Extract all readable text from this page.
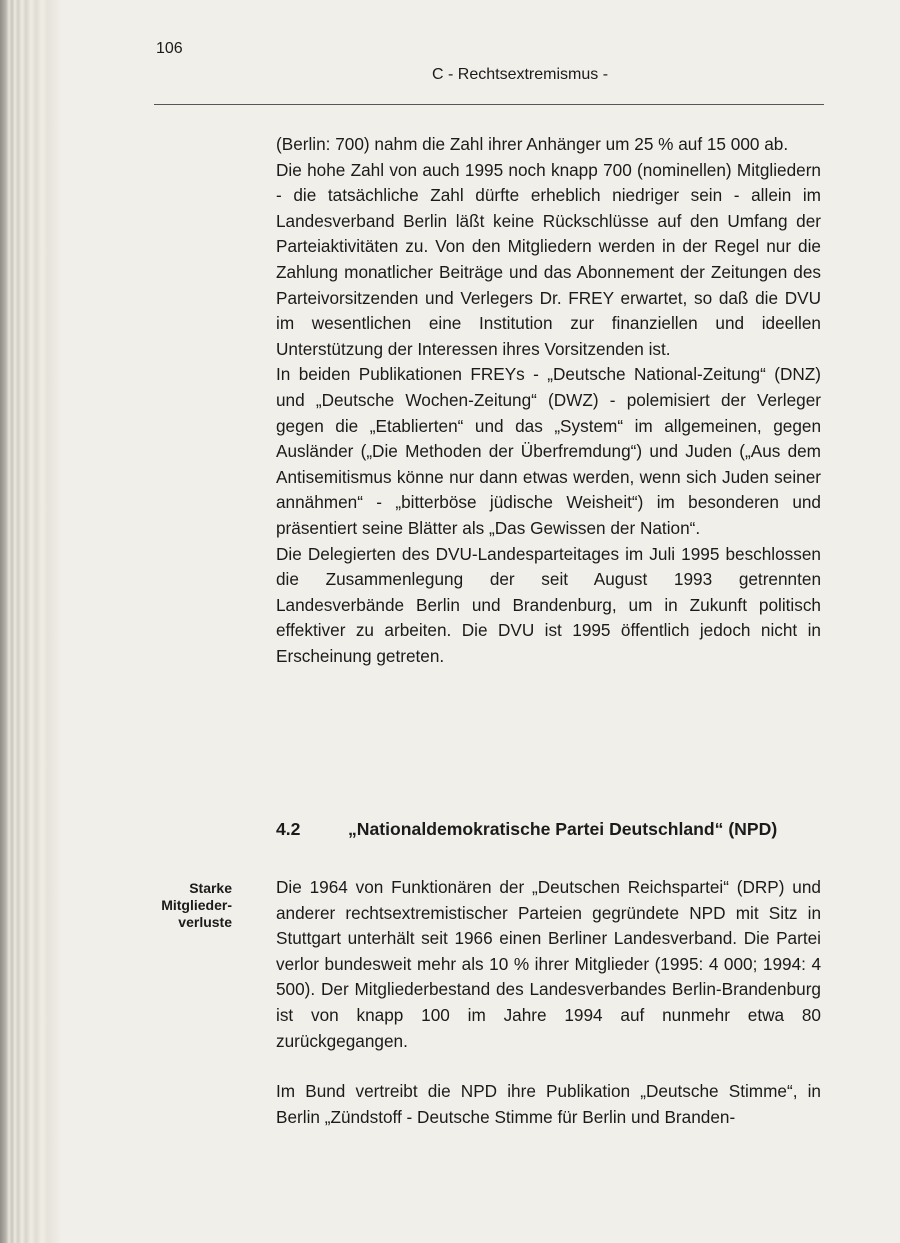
106
C - Rechtsextremismus -

(Berlin: 700) nahm die Zahl ihrer Anhänger um 25 % auf 15 000 ab.

Die hohe Zahl von auch 1995 noch knapp 700 (nominellen) Mitgliedern - die tatsächliche Zahl dürfte erheblich niedriger sein - allein im Landesverband Berlin läßt keine Rückschlüsse auf den Umfang der Parteiaktivitäten zu. Von den Mitgliedern werden in der Regel nur die Zahlung monatlicher Beiträge und das Abonnement der Zeitungen des Parteivorsitzenden und Verlegers Dr. FREY erwartet, so daß die DVU im wesentlichen eine Institution zur finanziellen und ideellen Unterstützung der Interessen ihres Vorsitzenden ist.

In beiden Publikationen FREYs - „Deutsche National-Zeitung“ (DNZ) und „Deutsche Wochen-Zeitung“ (DWZ) - polemisiert der Verleger gegen die „Etablierten“ und das „System“ im allgemeinen, gegen Ausländer („Die Methoden der Überfremdung“) und Juden („Aus dem Antisemitismus könne nur dann etwas werden, wenn sich Juden seiner annähmen“ - „bitterböse jüdische Weisheit“) im besonderen und präsentiert seine Blätter als „Das Gewissen der Nation“.

Die Delegierten des DVU-Landesparteitages im Juli 1995 beschlossen die Zusammenlegung der seit August 1993 getrennten Landesverbände Berlin und Brandenburg, um in Zukunft politisch effektiver zu arbeiten. Die DVU ist 1995 öffentlich jedoch nicht in Erscheinung getreten.

4.2	„Nationaldemokratische Partei Deutschland“ (NPD)
Starke
Mitglieder-
verluste

Die 1964 von Funktionären der „Deutschen Reichspartei“ (DRP) und anderer rechtsextremistischer Parteien gegründete NPD mit Sitz in Stuttgart unterhält seit 1966 einen Berliner Landesverband. Die Partei verlor bundesweit mehr als 10 % ihrer Mitglieder (1995: 4 000; 1994: 4 500). Der Mitgliederbestand des Landesverbandes Berlin-Brandenburg ist von knapp 100 im Jahre 1994 auf nunmehr etwa 80 zurückgegangen.

Im Bund vertreibt die NPD ihre Publikation „Deutsche Stimme“, in Berlin „Zündstoff - Deutsche Stimme für Berlin und Branden-
